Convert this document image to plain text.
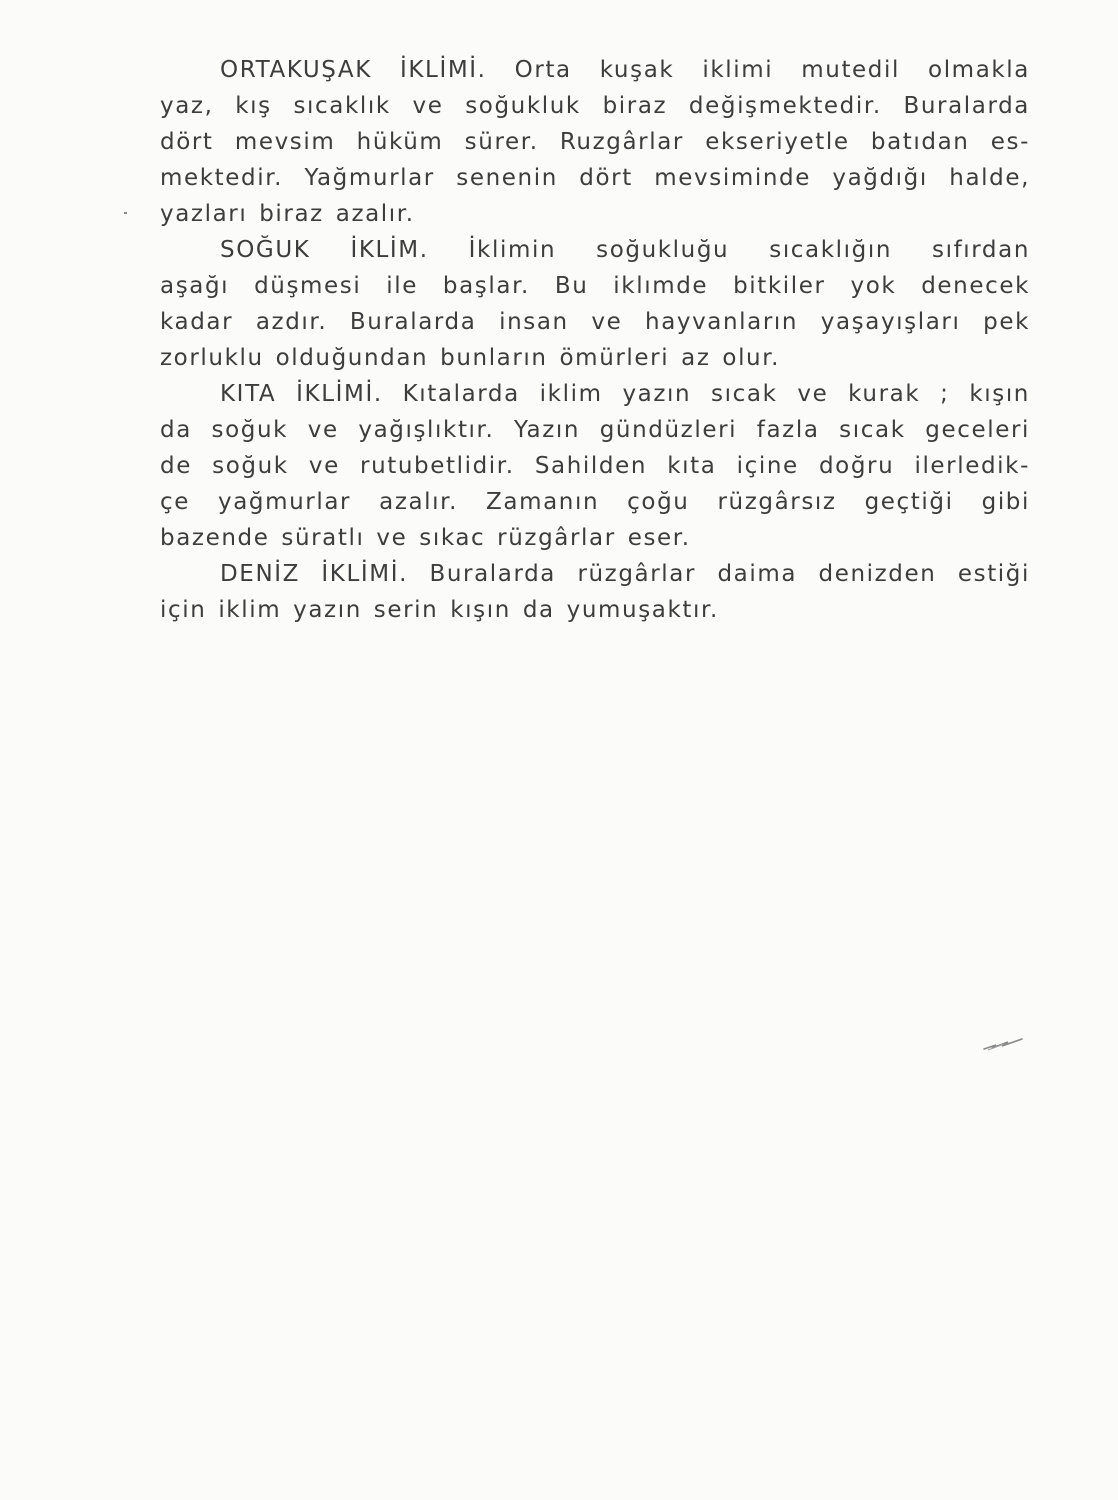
ORTAKUŞAK İKLİMİ. Orta kuşak iklimi mutedil olmakla
yaz, kış sıcaklık ve soğukluk biraz değişmektedir. Buralarda
dört mevsim hüküm sürer. Ruzgârlar ekseriyetle batıdan es-
mektedir. Yağmurlar senenin dört mevsiminde yağdığı halde,
yazları biraz azalır.
SOĞUK İKLİM. İklimin soğukluğu sıcaklığın sıfırdan
aşağı düşmesi ile başlar. Bu iklımde bitkiler yok denecek
kadar azdır. Buralarda insan ve hayvanların yaşayışları pek
zorluklu olduğundan bunların ömürleri az olur.
KITA İKLİMİ. Kıtalarda iklim yazın sıcak ve kurak ; kışın
da soğuk ve yağışlıktır. Yazın gündüzleri fazla sıcak geceleri
de soğuk ve rutubetlidir. Sahilden kıta içine doğru ilerledik-
çe yağmurlar azalır. Zamanın çoğu rüzgârsız geçtiği gibi
bazende süratlı ve sıkac rüzgârlar eser.
DENİZ İKLİMİ. Buralarda rüzgârlar daima denizden esti̇ği
için iklim yazın serin kışın da yumuşaktır.
